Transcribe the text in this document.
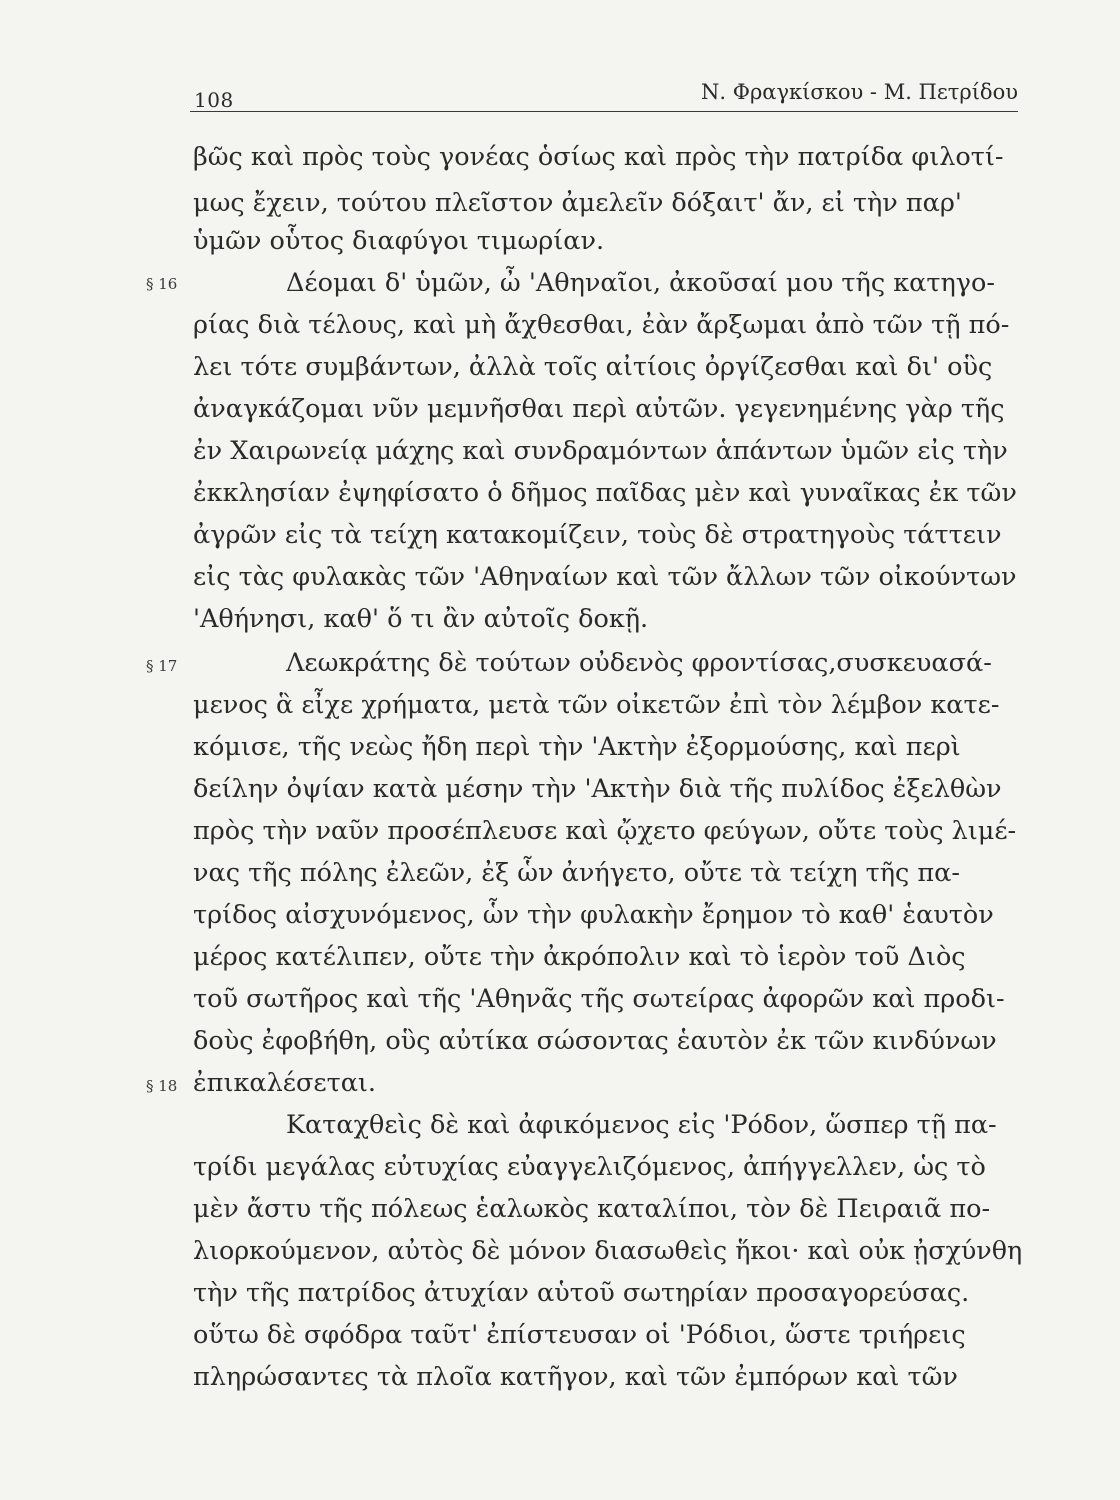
108	Ν. Φραγκίσκου - Μ. Πετρίδου
§ 16
§ 17
§ 18
βῶς καὶ πρὸς τοὺς γονέας ὁσίως καὶ πρὸς τὴν πατρίδα φιλοτί-
μως ἔχειν, τούτου πλεῖστον ἀμελεῖν δόξαιτ' ἄν, εἰ τὴν παρ'
ὑμῶν οὗτος διαφύγοι τιμωρίαν.
Δέομαι δ' ὑμῶν, ὦ 'Αθηναῖοι, ἀκοῦσαί μου τῆς κατηγο-
ρίας διὰ τέλους, καὶ μὴ ἄχθεσθαι, ἐὰν ἄρξωμαι ἀπὸ τῶν τῇ πό-
λει τότε συμβάντων, ἀλλὰ τοῖς αἰτίοις ὀργίζεσθαι καὶ δι' οὓς
ἀναγκάζομαι νῦν μεμνῆσθαι περὶ αὐτῶν. γεγενημένης γὰρ τῆς
ἐν Χαιρωνείᾳ μάχης καὶ συνδραμόντων ἁπάντων ὑμῶν εἰς τὴν
ἐκκλησίαν ἐψηφίσατο ὁ δῆμος παῖδας μὲν καὶ γυναῖκας ἐκ τῶν
ἀγρῶν εἰς τὰ τείχη κατακομίζειν, τοὺς δὲ στρατηγοὺς τάττειν
εἰς τὰς φυλακὰς τῶν 'Αθηναίων καὶ τῶν ἄλλων τῶν οἰκούντων
'Αθήνησι, καθ' ὅ τι ἂν αὐτοῖς δοκῇ.
Λεωκράτης δὲ τούτων οὐδενὸς φροντίσας,συσκευασά-
μενος ἃ εἶχε χρήματα, μετὰ τῶν οἰκετῶν ἐπὶ τὸν λέμβον κατε-
κόμισε, τῆς νεὼς ἤδη περὶ τὴν 'Ακτὴν ἐξορμούσης, καὶ περὶ
δείλην ὀψίαν κατὰ μέσην τὴν 'Ακτὴν διὰ τῆς πυλίδος ἐξελθὼν
πρὸς τὴν ναῦν προσέπλευσε καὶ ᾤχετο φεύγων, οὔτε τοὺς λιμέ-
νας τῆς πόλης ἐλεῶν, ἐξ ὧν ἀνήγετο, οὔτε τὰ τείχη τῆς πα-
τρίδος αἰσχυνόμενος, ὧν τὴν φυλακὴν ἔρημον τὸ καθ' ἑαυτὸν
μέρος κατέλιπεν, οὔτε τὴν ἀκρόπολιν καὶ τὸ ἱερὸν τοῦ Διὸς
τοῦ σωτῆρος καὶ τῆς 'Αθηνᾶς τῆς σωτείρας ἀφορῶν καὶ προδι-
δοὺς ἐφοβήθη, οὓς αὐτίκα σώσοντας ἑαυτὸν ἐκ τῶν κινδύνων
ἐπικαλέσεται.
Καταχθεὶς δὲ καὶ ἀφικόμενος εἰς 'Ρόδον, ὥσπερ τῇ πα-
τρίδι μεγάλας εὐτυχίας εὐαγγελιζόμενος, ἀπήγγελλεν, ὡς τὸ
μὲν ἄστυ τῆς πόλεως ἑαλωκὸς καταλίποι, τὸν δὲ Πειραιᾶ πο-
λιορκούμενον, αὐτὸς δὲ μόνον διασωθεὶς ἥκοι· καὶ οὐκ ᾐσχύνθη
τὴν τῆς πατρίδος ἀτυχίαν αὑτοῦ σωτηρίαν προσαγορεύσας.
οὕτω δὲ σφόδρα ταῦτ' ἐπίστευσαν οἱ 'Ρόδιοι, ὥστε τριήρεις
πληρώσαντες τὰ πλοῖα κατῆγον, καὶ τῶν ἐμπόρων καὶ τῶν
